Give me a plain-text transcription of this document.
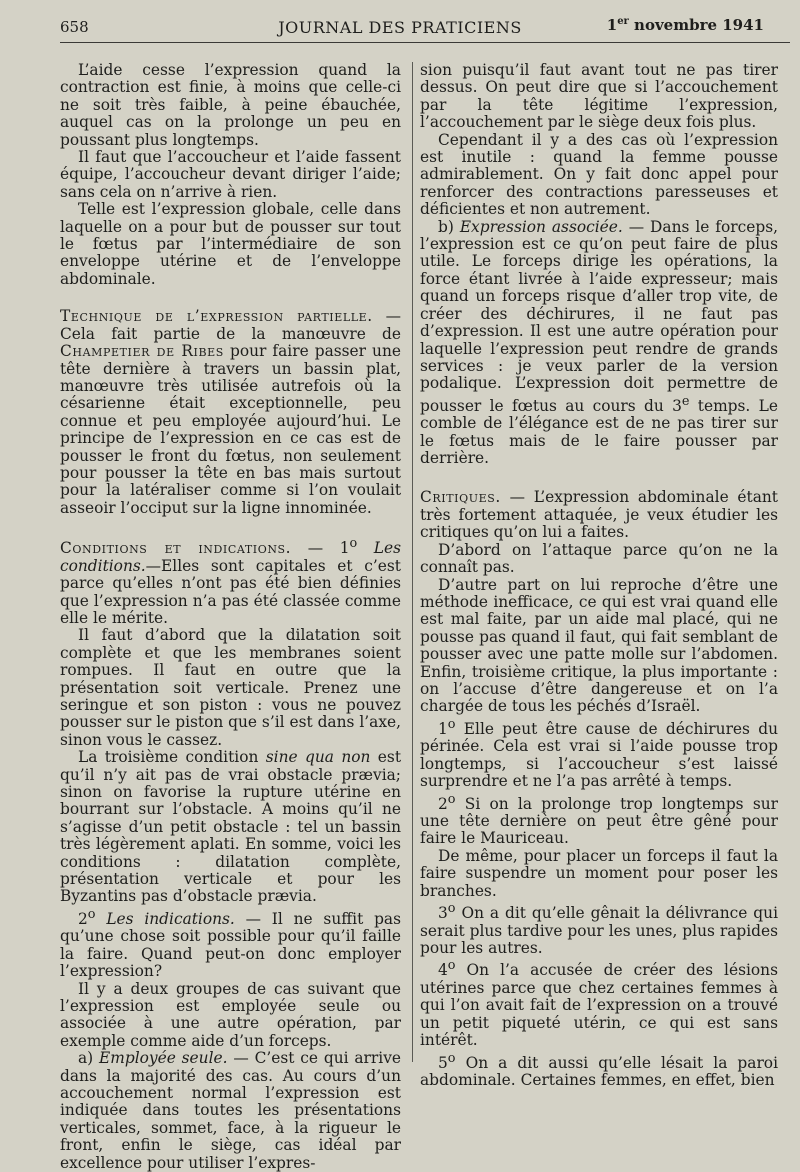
658	JOURNAL DES PRATICIENS	1er novembre 1941

L’aide cesse l’expression quand la contraction est finie, à moins que celle-ci ne soit très faible, à peine ébauchée, auquel cas on la prolonge un peu en poussant plus longtemps.

Il faut que l’accoucheur et l’aide fassent équipe, l’accoucheur devant diriger l’aide; sans cela on n’arrive à rien.

Telle est l’expression globale, celle dans laquelle on a pour but de pousser sur tout le fœtus par l’intermédiaire de son enveloppe utérine et de l’enveloppe abdominale.

Technique de l’expression partielle. — Cela fait partie de la manœuvre de Champetier de Ribes pour faire passer une tête dernière à travers un bassin plat, manœuvre très utilisée autrefois où la césarienne était exceptionnelle, peu connue et peu employée aujourd’hui. Le principe de l’expression en ce cas est de pousser le front du fœtus, non seulement pour pousser la tête en bas mais surtout pour la latéraliser comme si l’on voulait asseoir l’occiput sur la ligne innominée.

Conditions et indications. — 1$^o$ Les conditions.—Elles sont capitales et c’est parce qu’elles n’ont pas été bien définies que l’expression n’a pas été classée comme elle le mérite.

Il faut d’abord que la dilatation soit complète et que les membranes soient rompues. Il faut en outre que la présentation soit verticale. Prenez une seringue et son piston : vous ne pouvez pousser sur le piston que s’il est dans l’axe, sinon vous le cassez.

La troisième condition sine qua non est qu’il n’y ait pas de vrai obstacle prævia; sinon on favorise la rupture utérine en bourrant sur l’obstacle. A moins qu’il ne s’agisse d’un petit obstacle : tel un bassin très légèrement aplati. En somme, voici les conditions : dilatation complète, présentation verticale et pour les Byzantins pas d’obstacle prævia.

2$^o$ Les indications. — Il ne suffit pas qu’une chose soit possible pour qu’il faille la faire. Quand peut-on donc employer l’expression?

Il y a deux groupes de cas suivant que l’expression est employée seule ou associée à une autre opération, par exemple comme aide d’un forceps.

a) Employée seule. — C’est ce qui arrive dans la majorité des cas. Au cours d’un accouchement normal l’expression est indiquée dans toutes les présentations verticales, sommet, face, à la rigueur le front, enfin le siège, cas idéal par excellence pour utiliser l’expres-

sion puisqu’il faut avant tout ne pas tirer dessus. On peut dire que si l’accouchement par la tête légitime l’expression, l’accouchement par le siège deux fois plus.

Cependant il y a des cas où l’expression est inutile : quand la femme pousse admirablement. On y fait donc appel pour renforcer des contractions paresseuses et déficientes et non autrement.

b) Expression associée. — Dans le forceps, l’expression est ce qu’on peut faire de plus utile. Le forceps dirige les opérations, la force étant livrée à l’aide expresseur; mais quand un forceps risque d’aller trop vite, de créer des déchirures, il ne faut pas d’expression. Il est une autre opération pour laquelle l’expression peut rendre de grands services : je veux parler de la version podalique. L’expression doit permettre de pousser le fœtus au cours du 3e temps. Le comble de l’élégance est de ne pas tirer sur le fœtus mais de le faire pousser par derrière.

Critiques. — L’expression abdominale étant très fortement attaquée, je veux étudier les critiques qu’on lui a faites.

D’abord on l’attaque parce qu’on ne la connaît pas.

D’autre part on lui reproche d’être une méthode inefficace, ce qui est vrai quand elle est mal faite, par un aide mal placé, qui ne pousse pas quand il faut, qui fait semblant de pousser avec une patte molle sur l’abdomen. Enfin, troisième critique, la plus importante : on l’accuse d’être dangereuse et on l’a chargée de tous les péchés d’Israël.

1$^o$ Elle peut être cause de déchirures du périnée. Cela est vrai si l’aide pousse trop longtemps, si l’accoucheur s’est laissé surprendre et ne l’a pas arrêté à temps.

2$^o$ Si on la prolonge trop longtemps sur une tête dernière on peut être gêné pour faire le Mauriceau.

De même, pour placer un forceps il faut la faire suspendre un moment pour poser les branches.

3$^o$ On a dit qu’elle gênait la délivrance qui serait plus tardive pour les unes, plus rapides pour les autres.

4$^o$ On l’a accusée de créer des lésions utérines parce que chez certaines femmes à qui l’on avait fait de l’expression on a trouvé un petit piqueté utérin, ce qui est sans intérêt.

5$^o$ On a dit aussi qu’elle lésait la paroi abdominale. Certaines femmes, en effet, bien
